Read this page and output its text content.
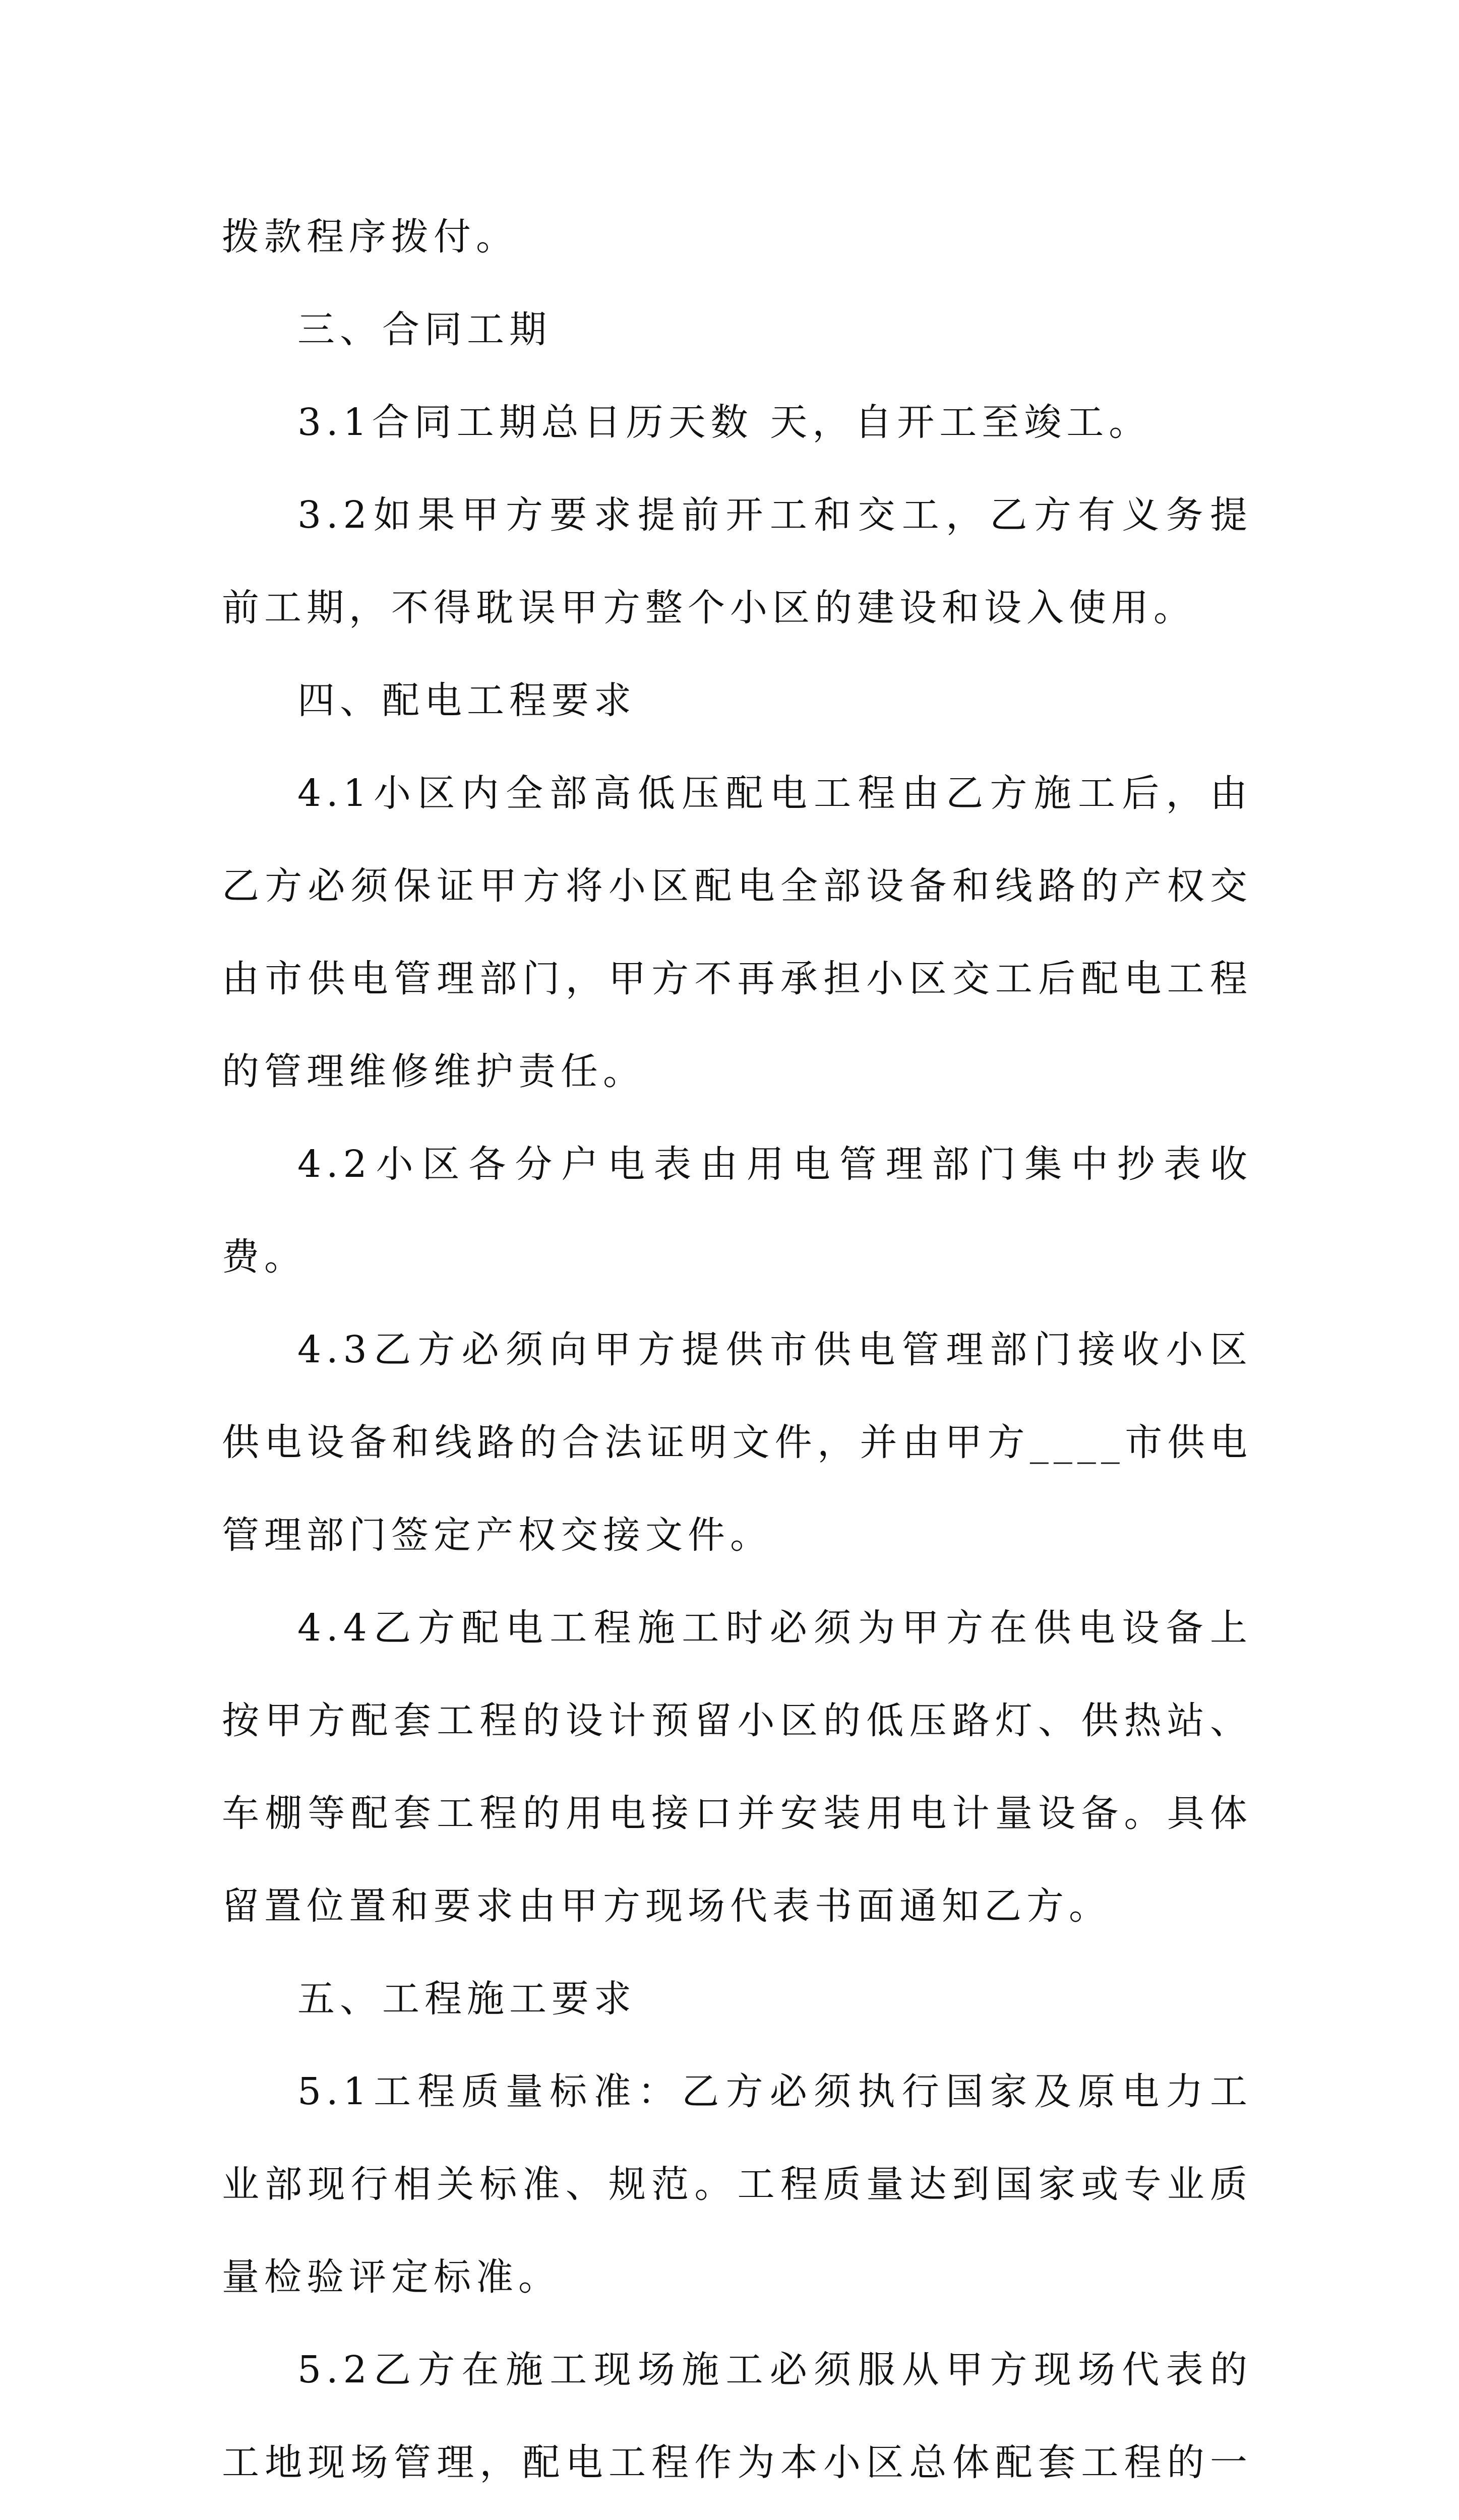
拨款程序拨付。

三、合同工期

3.1合同工期总日历天数 天，自开工至竣工。

3.2如果甲方要求提前开工和交工，乙方有义务提前工期，不得耽误甲方整个小区的建设和设入使用。

四、配电工程要求

4.1小区内全部高低压配电工程由乙方施工后，由乙方必须保证甲方将小区配电全部设备和线路的产权交由市供电管理部门，甲方不再承担小区交工后配电工程的管理维修维护责任。

4.2小区各分户电表由用电管理部门集中抄表收费。

4.3乙方必须向甲方提供市供电管理部门接收小区供电设备和线路的合法证明文件，并由甲方____市供电管理部门签定产权交接文件。

4.4乙方配电工程施工时必须为甲方在供电设备上按甲方配套工程的设计预留小区的低压路灯、供热站、车棚等配套工程的用电接口并安装用电计量设备。具体留置位置和要求由甲方现场代表书面通知乙方。

五、工程施工要求

5.1工程质量标准：乙方必须执行国家及原电力工业部现行相关标准、规范。工程质量达到国家或专业质量检验评定标准。

5.2乙方在施工现场施工必须服从甲方现场代表的工地现场管理，配电工程作为本小区总体配套工程的一
